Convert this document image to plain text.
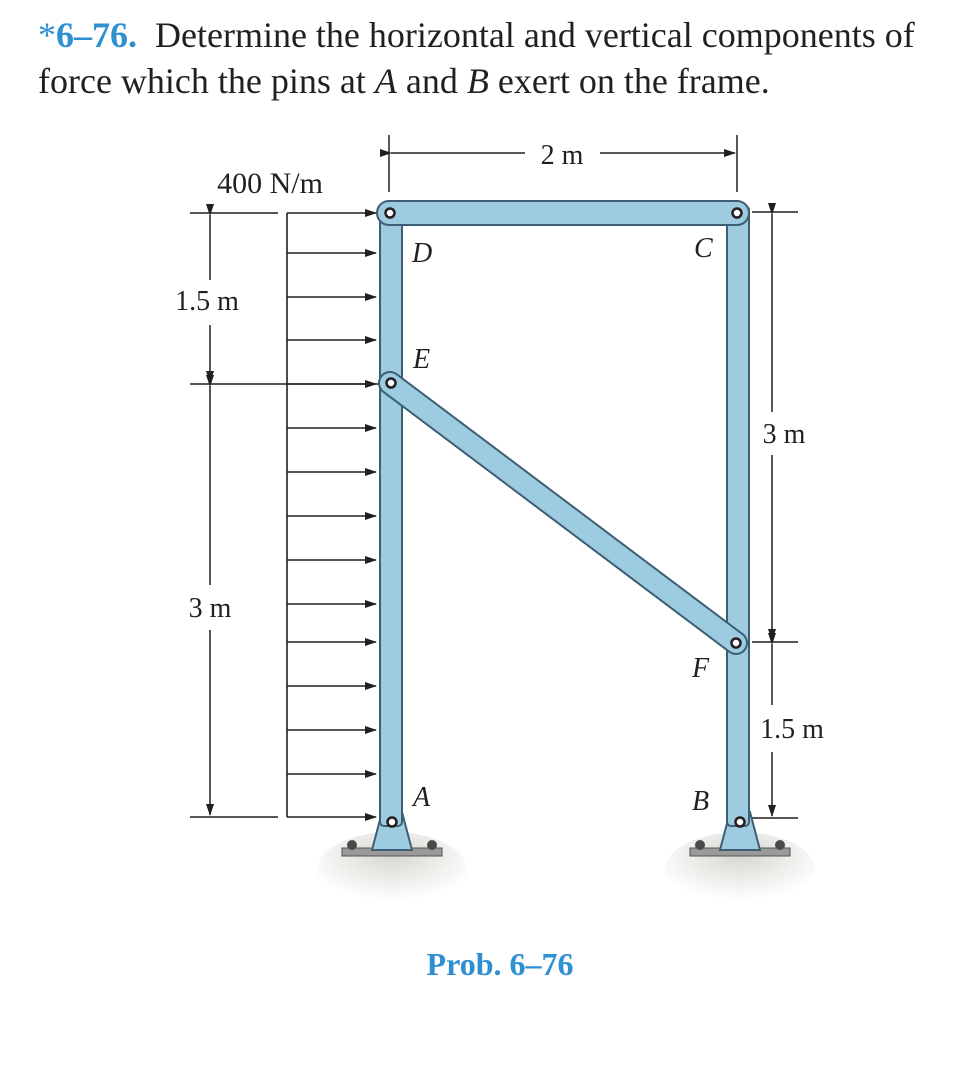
*6–76. Determine the horizontal and vertical components of force which the pins at A and B exert on the frame.

2 m
400 N/m
1.5 m
3 m
3 m
1.5 m
D	C
E
F
A	B
Prob. 6–76
